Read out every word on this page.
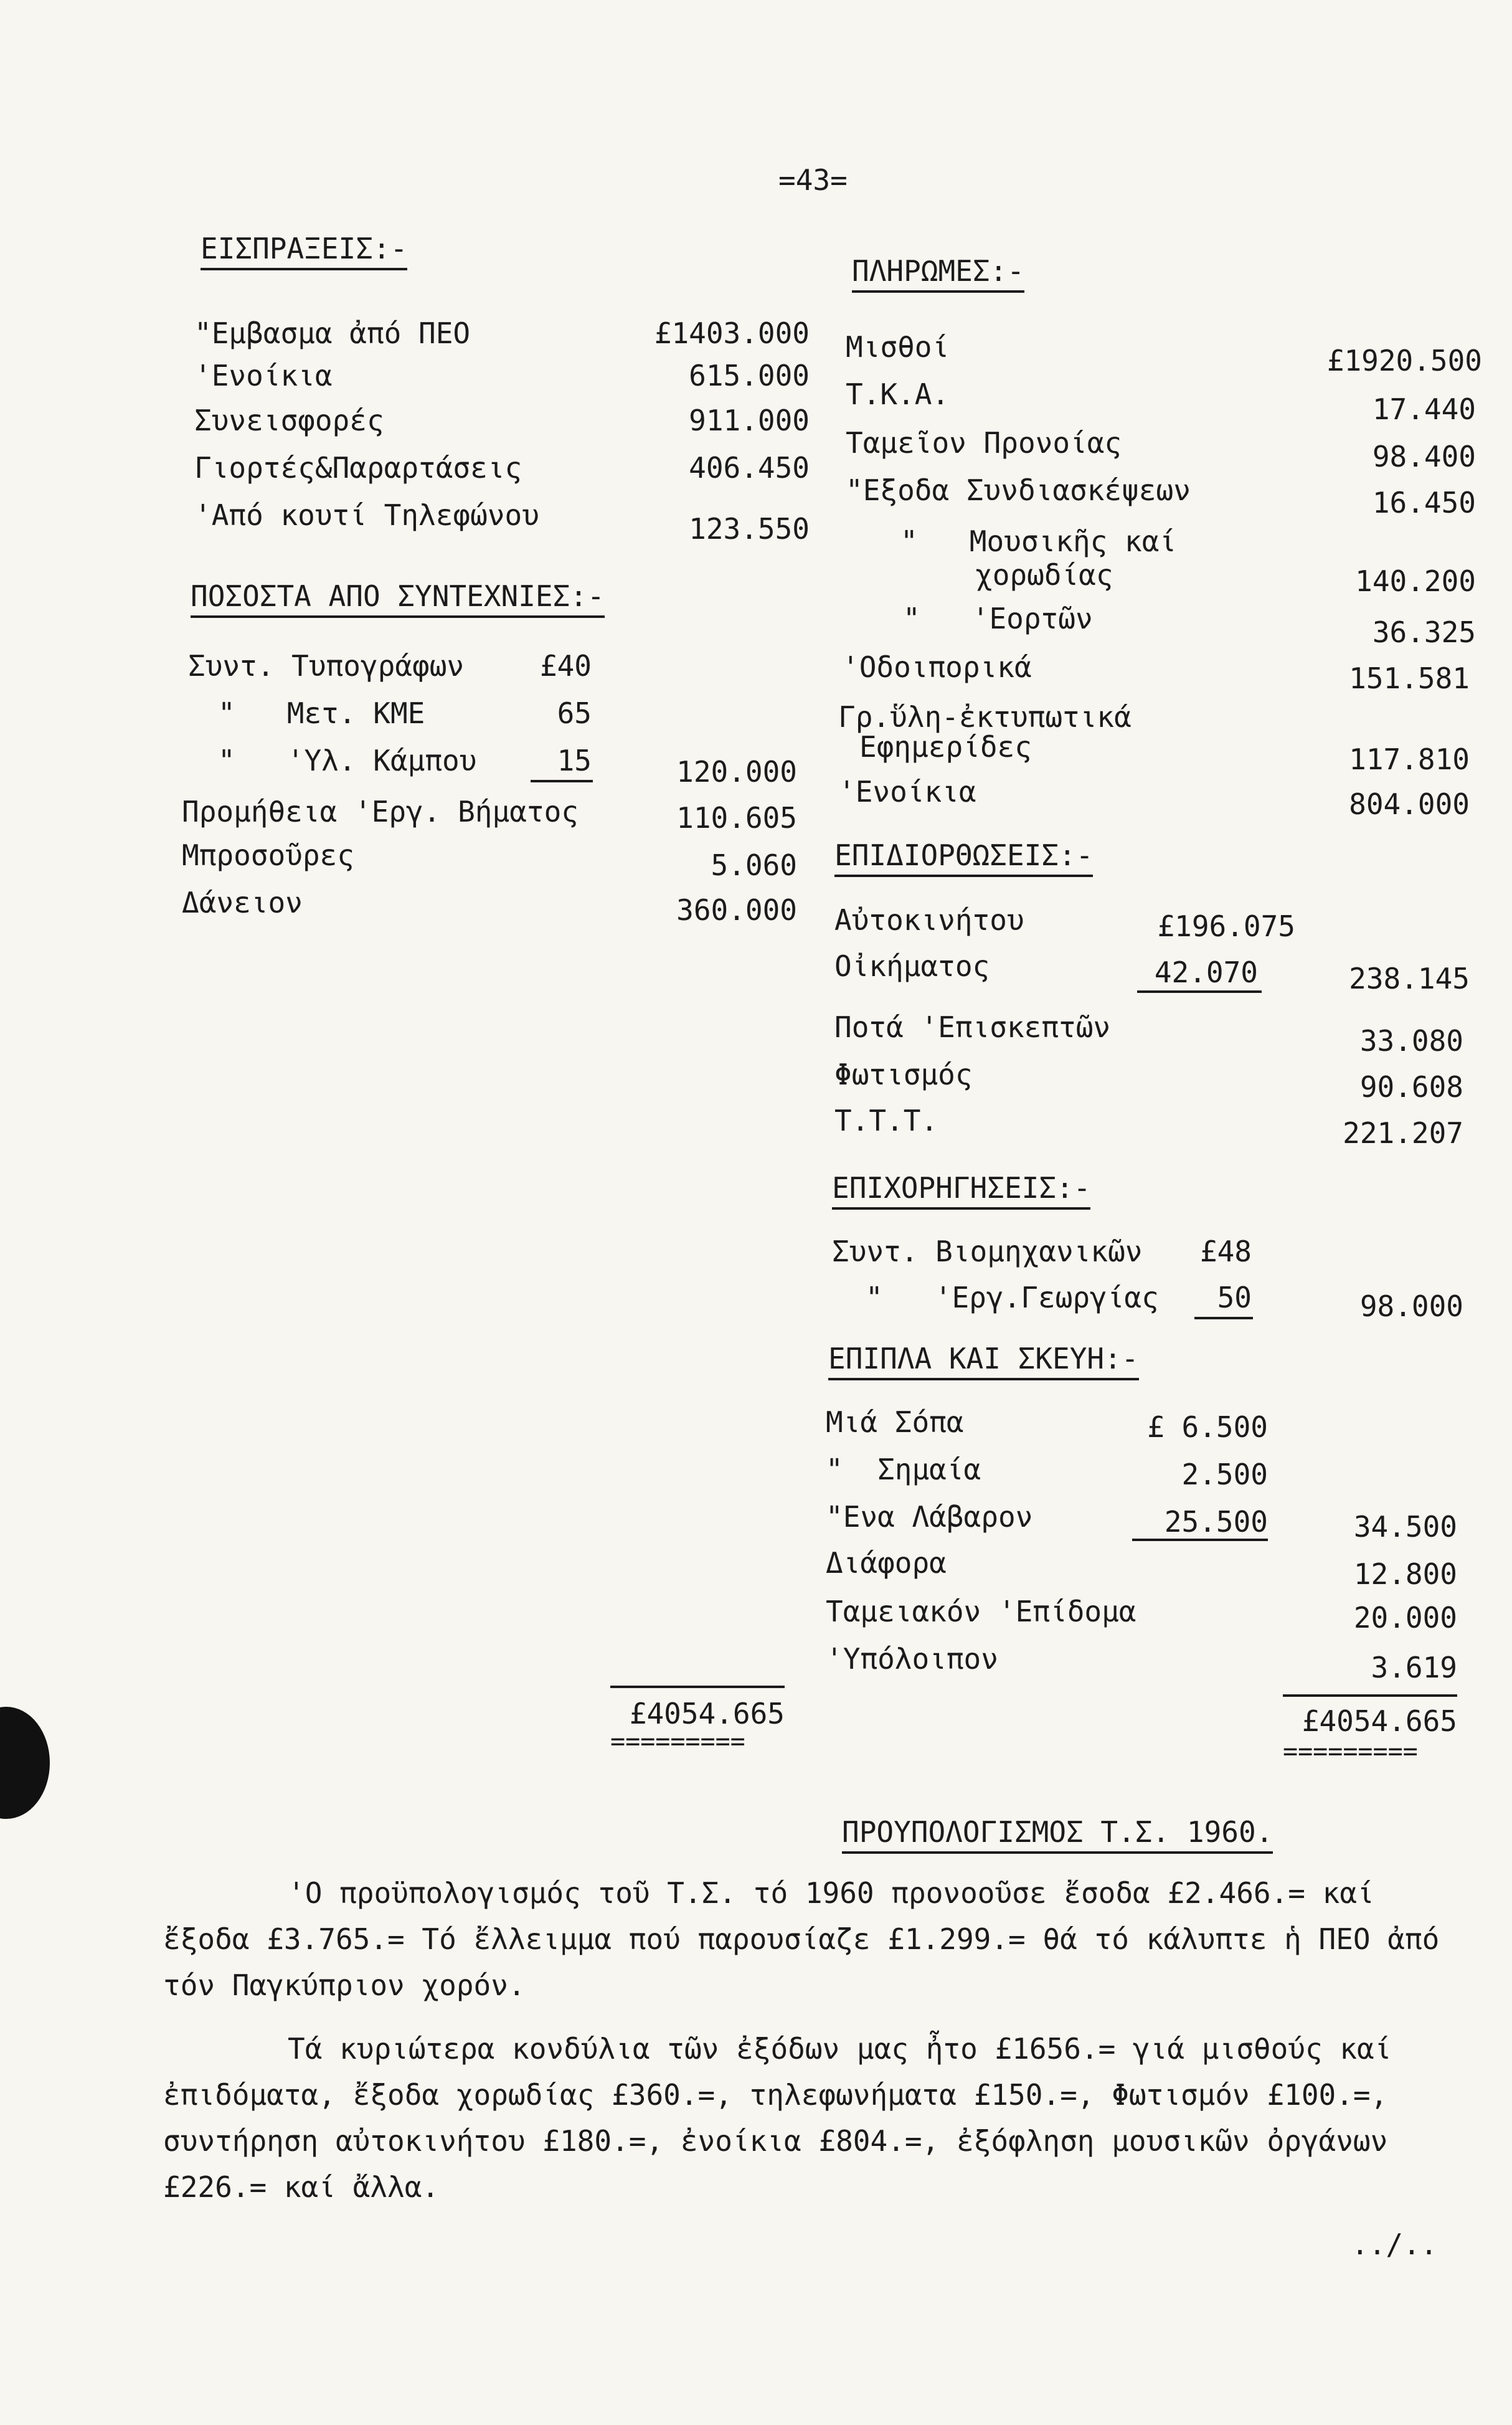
=43=
ΕΙΣΠΡΑΞΕΙΣ:-
"Εμβασμα ἀπό ΠΕΟ	£1403.000
'Ενοίκια	615.000
Συνεισφορές	911.000
Γιορτές&Παραρτάσεις	406.450
'Από κουτί Τηλεφώνου	123.550
ΠΟΣΟΣΤΑ ΑΠΟ ΣΥΝΤΕΧΝΙΕΣ:-
Συντ. Τυπογράφων	£40
"   Μετ. ΚΜΕ	65
"   'Υλ. Κάμπου	15	120.000
Προμήθεια 'Εργ. Βήματος	110.605
Μπροσοῦρες	5.060
Δάνειον	360.000
£4054.665
=========
ΠΛΗΡΩΜΕΣ:-
Μισθοί	£1920.500
Τ.Κ.Α.	17.440
Ταμεῖον Προνοίας	98.400
"Εξοδα Συνδιασκέψεων	16.450
"   Μουσικῆς καί
χορωδίας	140.200
"   'Εορτῶν	36.325
'Οδοιπορικά	151.581
Γρ.ὕλη-ἐκτυπωτικά
Εφημερίδες	117.810
'Ενοίκια	804.000
ΕΠΙΔΙΟΡΘΩΣΕΙΣ:-
Αὐτοκινήτου	£196.075
Οἰκήματος	42.070	238.145
Ποτά 'Επισκεπτῶν	33.080
Φωτισμός	90.608
Τ.Τ.Τ.	221.207
ΕΠΙΧΟΡΗΓΗΣΕΙΣ:-
Συντ. Βιομηχανικῶν	£48
"   'Εργ.Γεωργίας	50	98.000
ΕΠΙΠΛΑ ΚΑΙ ΣΚΕΥΗ:-
Μιά Σόπα	£ 6.500
"  Σημαία	2.500
"Ενα Λάβαρον	25.500	34.500
Διάφορα	12.800
Ταμειακόν 'Επίδομα	20.000
'Υπόλοιπον	3.619
£4054.665
=========
ΠΡΟΥΠΟΛΟΓΙΣΜΟΣ Τ.Σ. 1960.
'Ο προϋπολογισμός τοῦ Τ.Σ. τό 1960 προνοοῦσε ἔσοδα £2.466.= καί ἔξοδα £3.765.= Τό ἔλλειμμα πού παρουσίαζε £1.299.= θά τό κάλυπτε ἡ ΠΕΟ ἀπό τόν Παγκύπριον χορόν.
Τά κυριώτερα κονδύλια τῶν ἐξόδων μας ἦτο £1656.= γιά μισθούς καί ἐπιδόματα, ἔξοδα χορωδίας £360.=, τηλεφωνήματα £150.=, Φωτισμόν £100.=, συντήρηση αὐτοκινήτου £180.=, ἐνοίκια £804.=, ἐξόφληση μουσικῶν ὀργάνων £226.= καί ἄλλα.
../..
